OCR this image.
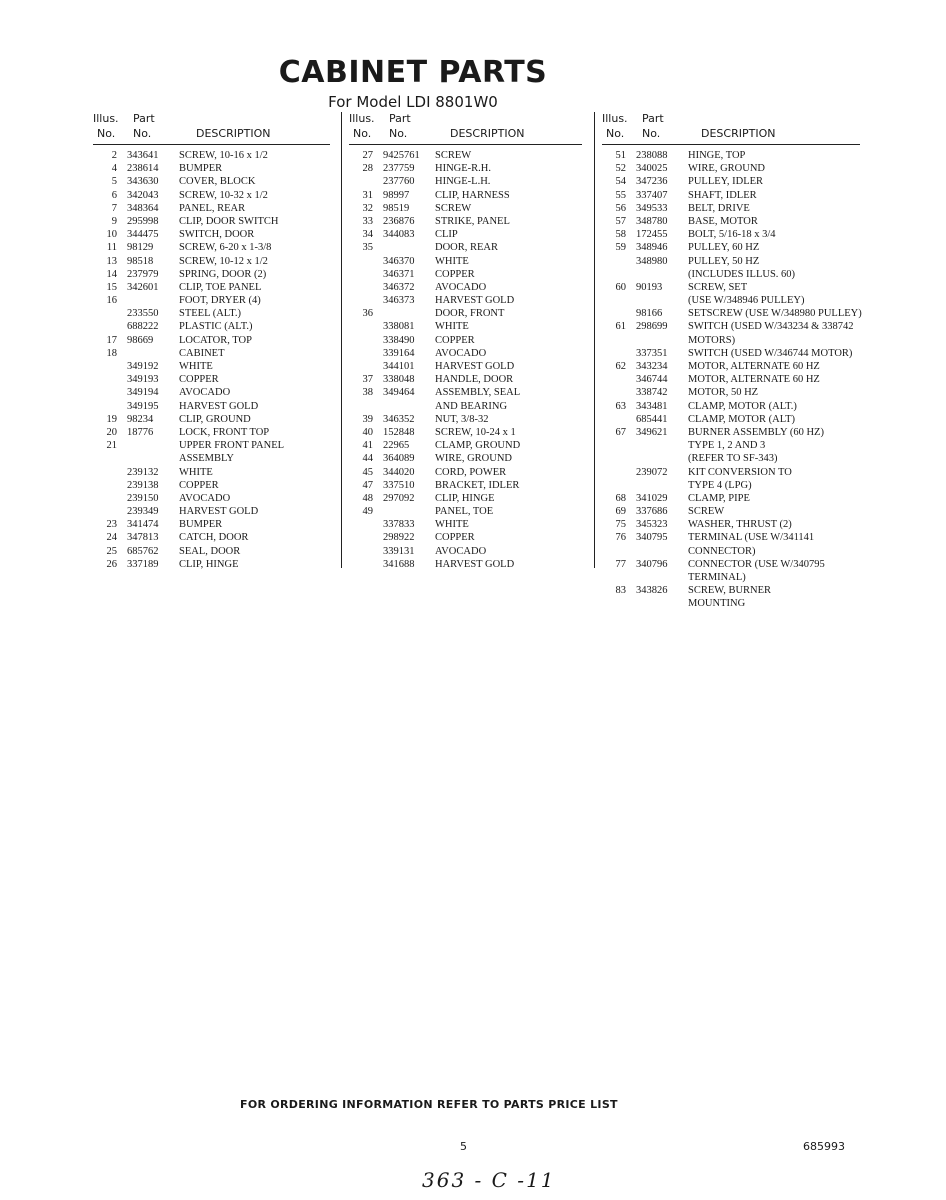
CABINET PARTS
For Model LDI 8801W0
Illus. Part
No. No.	DESCRIPTION
2 343641 SCREW, 10-16 x 1/2
4 238614 BUMPER
5 343630 COVER, BLOCK
6 342043 SCREW, 10-32 x 1/2
7 348364 PANEL, REAR
9 295998 CLIP, DOOR SWITCH
10 344475 SWITCH, DOOR
11 98129 SCREW, 6-20 x 1-3/8
13 98518 SCREW, 10-12 x 1/2
14 237979 SPRING, DOOR (2)
15 342601 CLIP, TOE PANEL
16	FOOT, DRYER (4)
233550 STEEL (ALT.)
688222 PLASTIC (ALT.)
17 98669 LOCATOR, TOP
18	CABINET
349192 WHITE
349193 COPPER
349194 AVOCADO
349195 HARVEST GOLD
19 98234 CLIP, GROUND
20 18776 LOCK, FRONT TOP
21	UPPER FRONT PANEL
ASSEMBLY
239132 WHITE
239138 COPPER
239150 AVOCADO
239349 HARVEST GOLD
23 341474 BUMPER
24 347813 CATCH, DOOR
25 685762 SEAL, DOOR
26 337189 CLIP, HINGE
Illus. Part
No. No.	DESCRIPTION
27 9425761 SCREW
28 237759 HINGE-R.H.
237760 HINGE-L.H.
31 98997 CLIP, HARNESS
32 98519 SCREW
33 236876 STRIKE, PANEL
34 344083 CLIP
35	DOOR, REAR
346370 WHITE
346371 COPPER
346372 AVOCADO
346373 HARVEST GOLD
36	DOOR, FRONT
338081 WHITE
338490 COPPER
339164 AVOCADO
344101 HARVEST GOLD
37 338048 HANDLE, DOOR
38 349464 ASSEMBLY, SEAL
AND BEARING
39 346352 NUT, 3/8-32
40 152848 SCREW, 10-24 x 1
41 22965 CLAMP, GROUND
44 364089 WIRE, GROUND
45 344020 CORD, POWER
47 337510 BRACKET, IDLER
48 297092 CLIP, HINGE
49	PANEL, TOE
337833 WHITE
298922 COPPER
339131 AVOCADO
341688 HARVEST GOLD
Illus. Part
No. No.	DESCRIPTION
51 238088 HINGE, TOP
52 340025 WIRE, GROUND
54 347236 PULLEY, IDLER
55 337407 SHAFT, IDLER
56 349533 BELT, DRIVE
57 348780 BASE, MOTOR
58 172455 BOLT, 5/16-18 x 3/4
59 348946 PULLEY, 60 HZ
348980 PULLEY, 50 HZ
(INCLUDES ILLUS. 60)
60 90193 SCREW, SET
(USE W/348946 PULLEY)
98166 SETSCREW (USE W/348980 PULLEY)
61 298699 SWITCH (USED W/343234 & 338742
MOTORS)
337351 SWITCH (USED W/346744 MOTOR)
62 343234 MOTOR, ALTERNATE 60 HZ
346744 MOTOR, ALTERNATE 60 HZ
338742 MOTOR, 50 HZ
63 343481 CLAMP, MOTOR (ALT.)
685441 CLAMP, MOTOR (ALT)
67 349621 BURNER ASSEMBLY (60 HZ)
TYPE 1, 2 AND 3
(REFER TO SF-343)
239072 KIT CONVERSION TO
TYPE 4 (LPG)
68 341029 CLAMP, PIPE
69 337686 SCREW
75 345323 WASHER, THRUST (2)
76 340795 TERMINAL (USE W/341141
CONNECTOR)
77 340796 CONNECTOR (USE W/340795
TERMINAL)
83 343826 SCREW, BURNER
MOUNTING
FOR ORDERING INFORMATION REFER TO PARTS PRICE LIST
5	685993
363 - C -11
